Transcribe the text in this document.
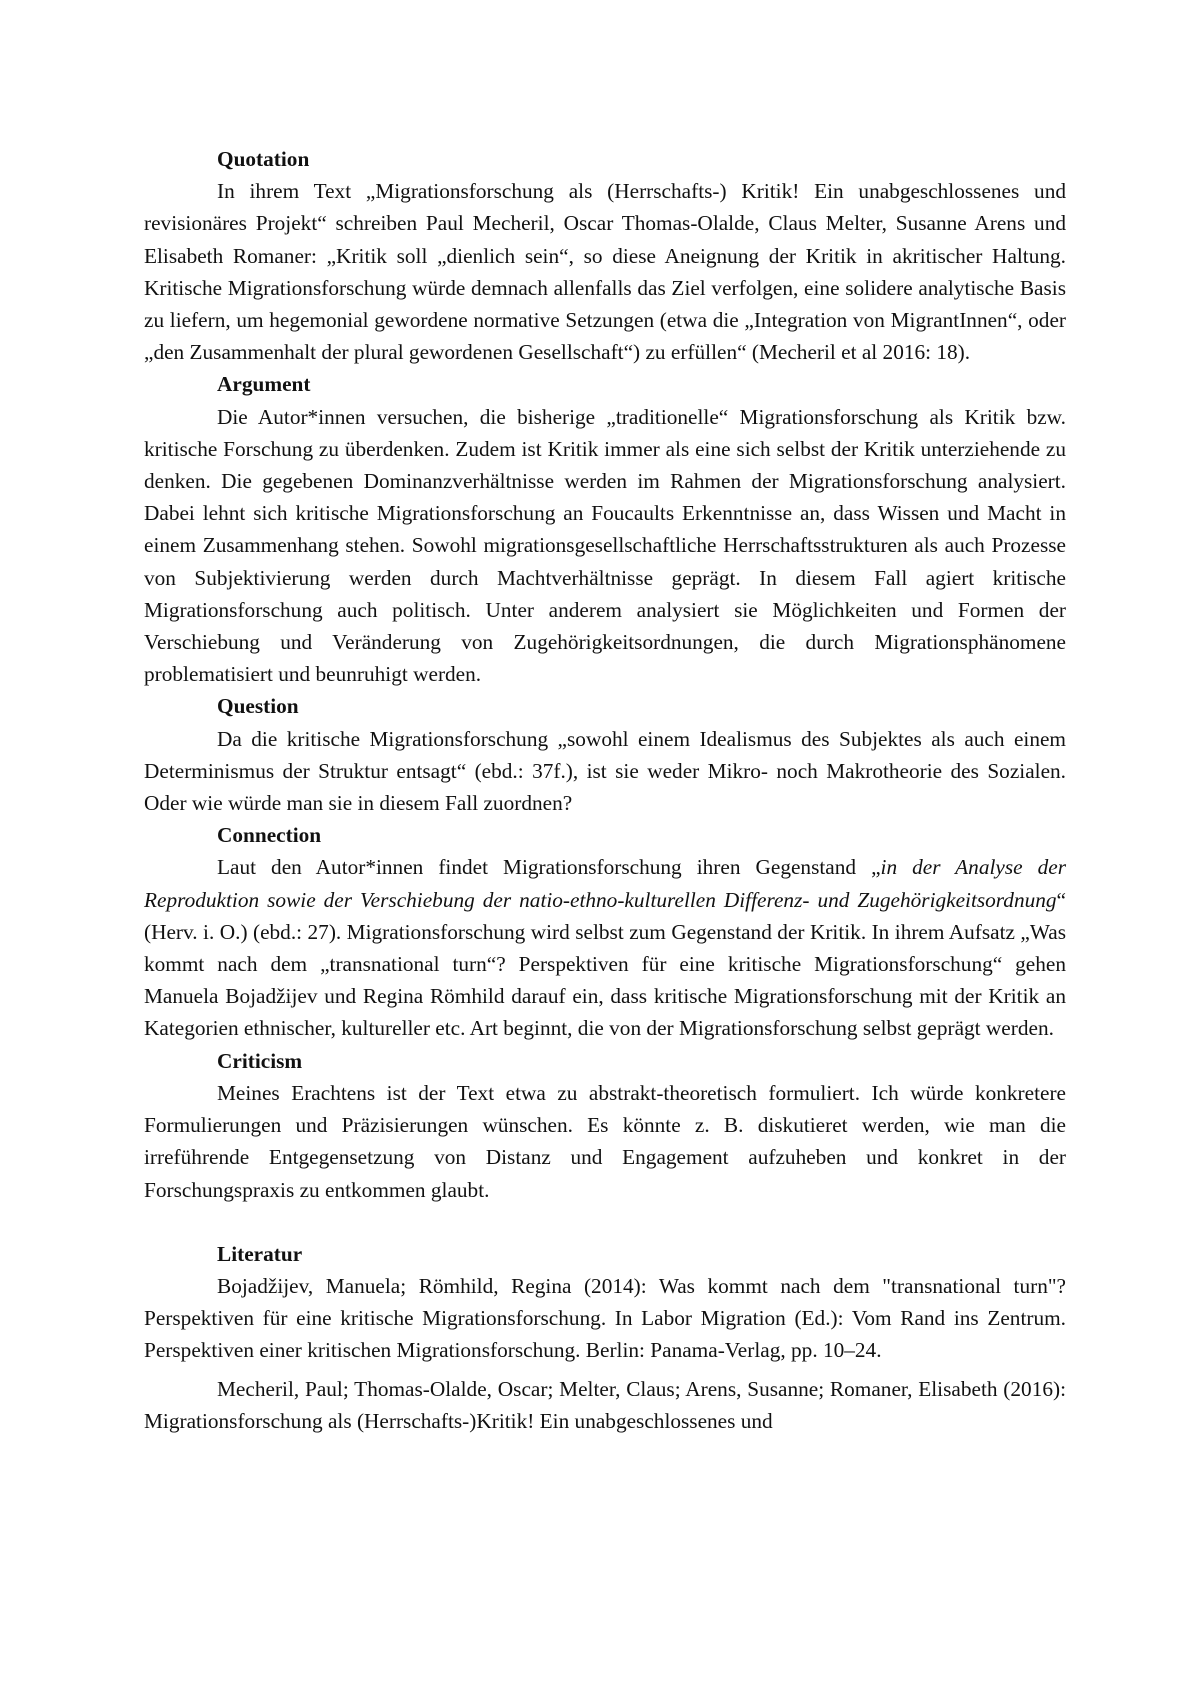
Quotation

In ihrem Text „Migrationsforschung als (Herrschafts-) Kritik! Ein unabgeschlossenes und revisionäres Projekt“ schreiben Paul Mecheril, Oscar Thomas-Olalde, Claus Melter, Susanne Arens und Elisabeth Romaner: „Kritik soll „dienlich sein“, so diese Aneignung der Kritik in akritischer Haltung. Kritische Migrationsforschung würde demnach allenfalls das Ziel verfolgen, eine solidere analytische Basis zu liefern, um hegemonial gewordene normative Setzungen (etwa die „Integration von MigrantInnen“, oder „den Zusammenhalt der plural gewordenen Gesellschaft“) zu erfüllen“ (Mecheril et al 2016: 18).

Argument

Die Autor*innen versuchen, die bisherige „traditionelle“ Migrationsforschung als Kritik bzw. kritische Forschung zu überdenken. Zudem ist Kritik immer als eine sich selbst der Kritik unterziehende zu denken. Die gegebenen Dominanzverhältnisse werden im Rahmen der Migrationsforschung analysiert. Dabei lehnt sich kritische Migrationsforschung an Foucaults Erkenntnisse an, dass Wissen und Macht in einem Zusammenhang stehen. Sowohl migrationsgesellschaftliche Herrschaftsstrukturen als auch Prozesse von Subjektivierung werden durch Machtverhältnisse geprägt. In diesem Fall agiert kritische Migrationsforschung auch politisch. Unter anderem analysiert sie Möglichkeiten und Formen der Verschiebung und Veränderung von Zugehörigkeitsordnungen, die durch Migrationsphänomene problematisiert und beunruhigt werden.

Question

Da die kritische Migrationsforschung „sowohl einem Idealismus des Subjektes als auch einem Determinismus der Struktur entsagt“ (ebd.: 37f.), ist sie weder Mikro- noch Makrotheorie des Sozialen. Oder wie würde man sie in diesem Fall zuordnen?

Connection

Laut den Autor*innen findet Migrationsforschung ihren Gegenstand „in der Analyse der Reproduktion sowie der Verschiebung der natio-ethno-kulturellen Differenz- und Zugehörigkeitsordnung“ (Herv. i. O.) (ebd.: 27). Migrationsforschung wird selbst zum Gegenstand der Kritik. In ihrem Aufsatz „Was kommt nach dem „transnational turn“? Perspektiven für eine kritische Migrationsforschung“ gehen Manuela Bojadžijev und Regina Römhild darauf ein, dass kritische Migrationsforschung mit der Kritik an Kategorien ethnischer, kultureller etc. Art beginnt, die von der Migrationsforschung selbst geprägt werden.

Criticism

Meines Erachtens ist der Text etwa zu abstrakt-theoretisch formuliert. Ich würde konkretere Formulierungen und Präzisierungen wünschen. Es könnte z. B. diskutieret werden, wie man die irreführende Entgegensetzung von Distanz und Engagement aufzuheben und konkret in der Forschungspraxis zu entkommen glaubt.

Literatur

Bojadžijev, Manuela; Römhild, Regina (2014): Was kommt nach dem "transnational turn"? Perspektiven für eine kritische Migrationsforschung. In Labor Migration (Ed.): Vom Rand ins Zentrum. Perspektiven einer kritischen Migrationsforschung. Berlin: Panama-Verlag, pp. 10–24.

Mecheril, Paul; Thomas-Olalde, Oscar; Melter, Claus; Arens, Susanne; Romaner, Elisabeth (2016): Migrationsforschung als (Herrschafts-)Kritik! Ein unabgeschlossenes und
